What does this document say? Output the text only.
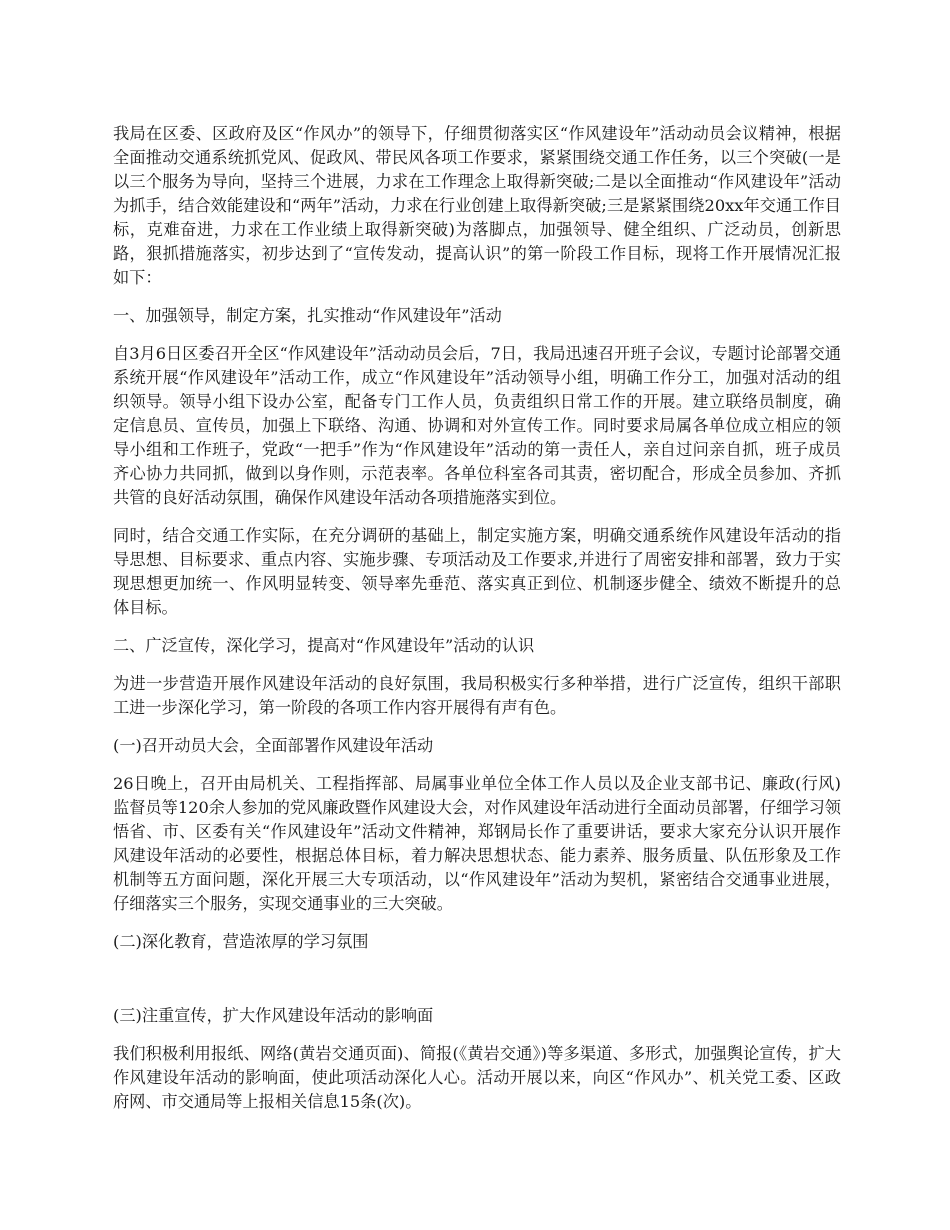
我局在区委、区政府及区“作风办”的领导下，仔细贯彻落实区“作风建设年”活动动员会议精神，根据全面推动交通系统抓党风、促政风、带民风各项工作要求，紧紧围绕交通工作任务，以三个突破(一是以三个服务为导向，坚持三个进展，力求在工作理念上取得新突破;二是以全面推动“作风建设年”活动为抓手，结合效能建设和“两年”活动，力求在行业创建上取得新突破;三是紧紧围绕20xx年交通工作目标，克难奋进，力求在工作业绩上取得新突破)为落脚点，加强领导、健全组织、广泛动员，创新思路，狠抓措施落实，初步达到了“宣传发动，提高认识”的第一阶段工作目标，现将工作开展情况汇报如下：

一、加强领导，制定方案，扎实推动“作风建设年”活动

自3月6日区委召开全区“作风建设年”活动动员会后，7日，我局迅速召开班子会议，专题讨论部署交通系统开展“作风建设年”活动工作，成立“作风建设年”活动领导小组，明确工作分工，加强对活动的组织领导。领导小组下设办公室，配备专门工作人员，负责组织日常工作的开展。建立联络员制度，确定信息员、宣传员，加强上下联络、沟通、协调和对外宣传工作。同时要求局属各单位成立相应的领导小组和工作班子，党政“一把手”作为“作风建设年”活动的第一责任人，亲自过问亲自抓，班子成员齐心协力共同抓，做到以身作则，示范表率。各单位科室各司其责，密切配合，形成全员参加、齐抓共管的良好活动氛围，确保作风建设年活动各项措施落实到位。

同时，结合交通工作实际，在充分调研的基础上，制定实施方案，明确交通系统作风建设年活动的指导思想、目标要求、重点内容、实施步骤、专项活动及工作要求,并进行了周密安排和部署，致力于实现思想更加统一、作风明显转变、领导率先垂范、落实真正到位、机制逐步健全、绩效不断提升的总体目标。

二、广泛宣传，深化学习，提高对“作风建设年”活动的认识

为进一步营造开展作风建设年活动的良好氛围，我局积极实行多种举措，进行广泛宣传，组织干部职工进一步深化学习，第一阶段的各项工作内容开展得有声有色。

(一)召开动员大会，全面部署作风建设年活动

26日晚上，召开由局机关、工程指挥部、局属事业单位全体工作人员以及企业支部书记、廉政(行风)监督员等120余人参加的党风廉政暨作风建设大会，对作风建设年活动进行全面动员部署，仔细学习领悟省、市、区委有关“作风建设年”活动文件精神，郑钢局长作了重要讲话，要求大家充分认识开展作风建设年活动的必要性，根据总体目标，着力解决思想状态、能力素养、服务质量、队伍形象及工作机制等五方面问题，深化开展三大专项活动，以“作风建设年”活动为契机，紧密结合交通事业进展，仔细落实三个服务，实现交通事业的三大突破。

(二)深化教育，营造浓厚的学习氛围

(三)注重宣传，扩大作风建设年活动的影响面

我们积极利用报纸、网络(黄岩交通页面)、简报(《黄岩交通》)等多渠道、多形式，加强舆论宣传，扩大作风建设年活动的影响面，使此项活动深化人心。活动开展以来，向区“作风办”、机关党工委、区政府网、市交通局等上报相关信息15条(次)。
